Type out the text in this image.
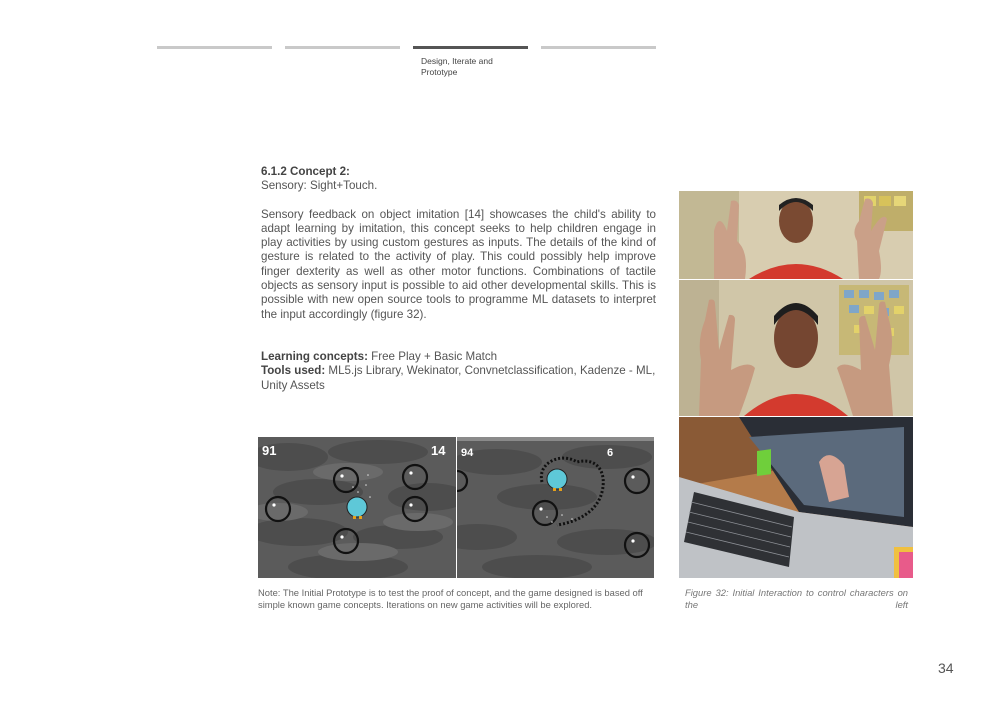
Design, Iterate and Prototype
6.1.2 Concept 2:
Sensory: Sight+Touch.

Sensory feedback on object imitation [14] showcases the child's ability to adapt learning by imitation, this concept seeks to help children engage in play activities by using custom gestures as inputs. The details of the kind of gesture is related to the activity of play. This could possibly help improve finger dexterity as well as other motor functions. Combinations of tactile objects as sensory input is possible to aid other developmental skills. This is possible with new open source tools to programme ML datasets to interpret the input accordingly (figure 32).

Learning concepts: Free Play + Basic Match
Tools used: ML5.js Library, Wekinator, Convnetclassification, Kadenze - ML, Unity Assets
91	14 94	6
Note: The Initial Prototype is to test the proof of concept, and the game designed is based off simple known game concepts. Iterations on new game activities will be explored.
Figure 32: Initial Interaction to control characters on the left
34
